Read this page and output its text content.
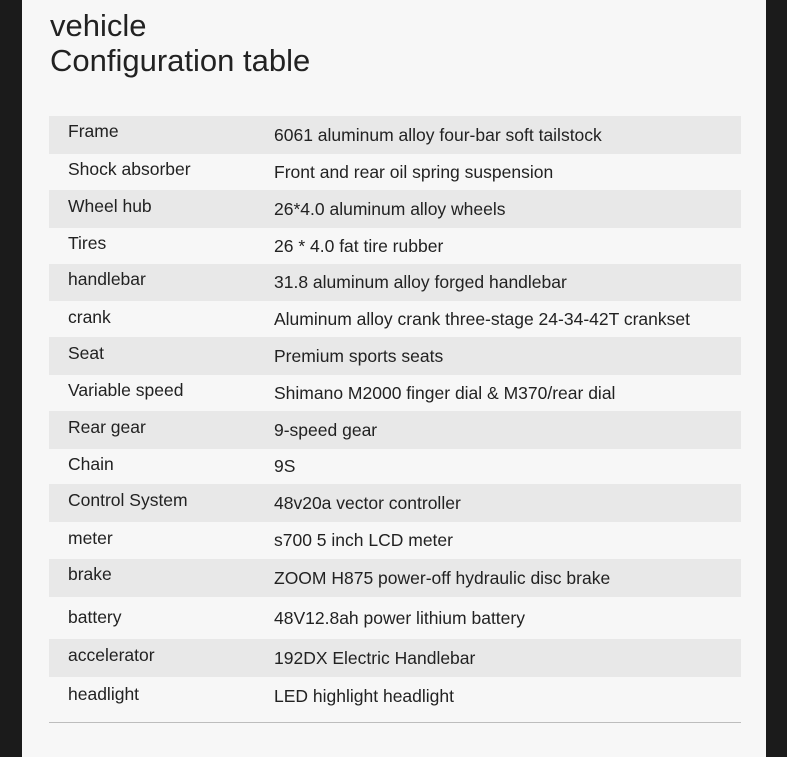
vehicle
Configuration table
Frame	6061 aluminum alloy four-bar soft tailstock
Shock absorber	Front and rear oil spring suspension
Wheel hub	26*4.0 aluminum alloy wheels
Tires	26 * 4.0 fat tire rubber
handlebar	31.8 aluminum alloy forged handlebar
crank	Aluminum alloy crank three-stage 24-34-42T crankset
Seat	Premium sports seats
Variable speed	Shimano M2000 finger dial & M370/rear dial
Rear gear	9-speed gear
Chain	9S
Control System	48v20a vector controller
meter	s700 5 inch LCD meter
brake	ZOOM H875 power-off hydraulic disc brake
battery	48V12.8ah power lithium battery
accelerator	192DX Electric Handlebar
headlight	LED highlight headlight
